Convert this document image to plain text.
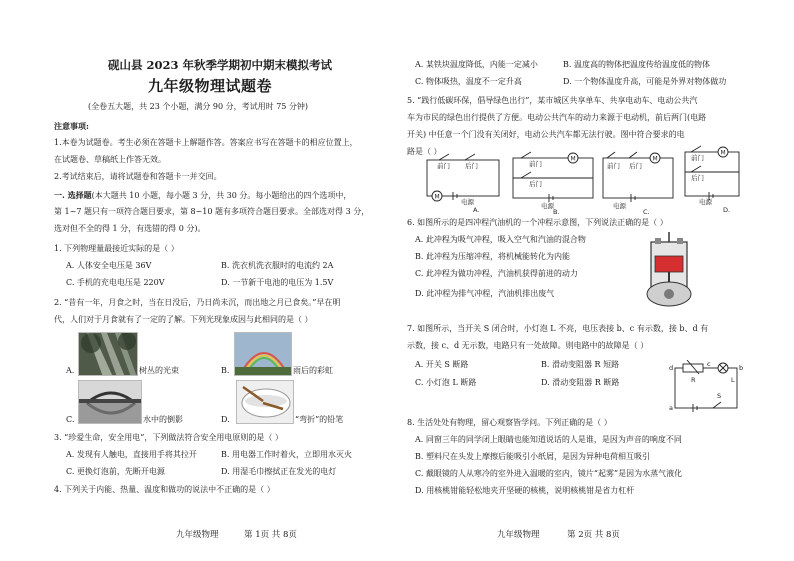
砚山县 2023 年秋季学期初中期末模拟考试
九年级物理试题卷
(全卷五大题，共 23 个小题，满分 90 分，考试用时 75 分钟)
注意事项:
1.本卷为试题卷。考生必须在答题卡上解题作答。答案应书写在答题卡的相应位置上，
在试题卷、草稿纸上作答无效。
2.考试结束后，请将试题卷和答题卡一并交回。
一. 选择题(本大题共 10 小题，每小题 3 分，共 30 分。每小题给出的四个选项中，
第 1~7 题只有一项符合题目要求，第 8~10 题有多项符合题目要求。全部选对得 3 分，
选对但不全的得 1 分，有选错的得 0 分)。
1. 下列物理量最接近实际的是（ ）
A. 人体安全电压是 36V	B. 洗衣机洗衣服时的电流约 2A
C. 手机的充电电压是 220V	D. 一节新干电池的电压为 1.5V
2. “昔有一年，月食之时，当在日没后，乃日尚未沉，而出地之月已食矣。”早在明
代，人们对于月食就有了一定的了解。下列光现象成因与此相同的是（ ）
A.	树丛的光束	B.	雨后的彩虹
C.	水中的倒影	D.	“弯折”的铅笔
3. “珍爱生命，安全用电”，下列做法符合安全用电原则的是（ ）
A. 发现有人触电，直接用手将其拉开	B. 用电器工作时着火，立即用水灭火
C. 更换灯泡前，先断开电源	D. 用湿毛巾擦拭正在发光的电灯
4. 下列关于内能、热量、温度和做功的说法中不正确的是（ ）
九年级物理	第 1页 共 8页
A. 某铁块温度降低，内能一定减小	B. 温度高的物体把温度传给温度低的物体
C. 物体吸热，温度不一定升高	D. 一个物体温度升高，可能是外界对物体做功
5. “践行低碳环保，倡导绿色出行”，某市城区共享单车、共享电动车、电动公共汽
车为市民的绿色出行提供了方便。电动公共汽车的动力来源于电动机，前后两门(电路
开关) 中任意一个门没有关闭好，电动公共汽车都无法行驶。图中符合要求的电
路是（ ）
前门 后门
M
电源
A.
前门
后门
M
电源
B.
前门 后门
M
电源
C.
前门
后门
M
电源
D.
6. 如图所示的是四冲程汽油机的一个冲程示意图，下列说法正确的是（ ）
A. 此冲程为吸气冲程，吸入空气和汽油的混合物
B. 此冲程为压缩冲程，将机械能转化为内能
C. 此冲程为做功冲程，汽油机获得前进的动力
D. 此冲程为排气冲程，汽油机排出废气
7. 如图所示，当开关 S 闭合时，小灯泡 L 不亮，电压表接 b、c 有示数，接 b、d 有
示数，接 c、d 无示数，电路只有一处故障。则电路中的故障是（ ）
A. 开关 S 断路	B. 滑动变阻器 R 短路
C. 小灯泡 L 断路	D. 滑动变阻器 R 断路
d	c	b
a
R	L
S
8. 生活处处有物理，留心观察皆学问。下列正确的是（ ）
A. 同窗三年的同学闭上眼睛也能知道说话的人是谁，是因为声音的响度不同
B. 塑料尺在头发上摩擦后能吸引小纸屑，是因为异种电荷相互吸引
C. 戴眼镜的人从寒冷的室外进入温暖的室内，镜片“起雾”是因为水蒸气液化
D. 用核桃钳能轻松地夹开坚硬的核桃，说明核桃钳是省力杠杆
九年级物理	第 2页 共 8页
